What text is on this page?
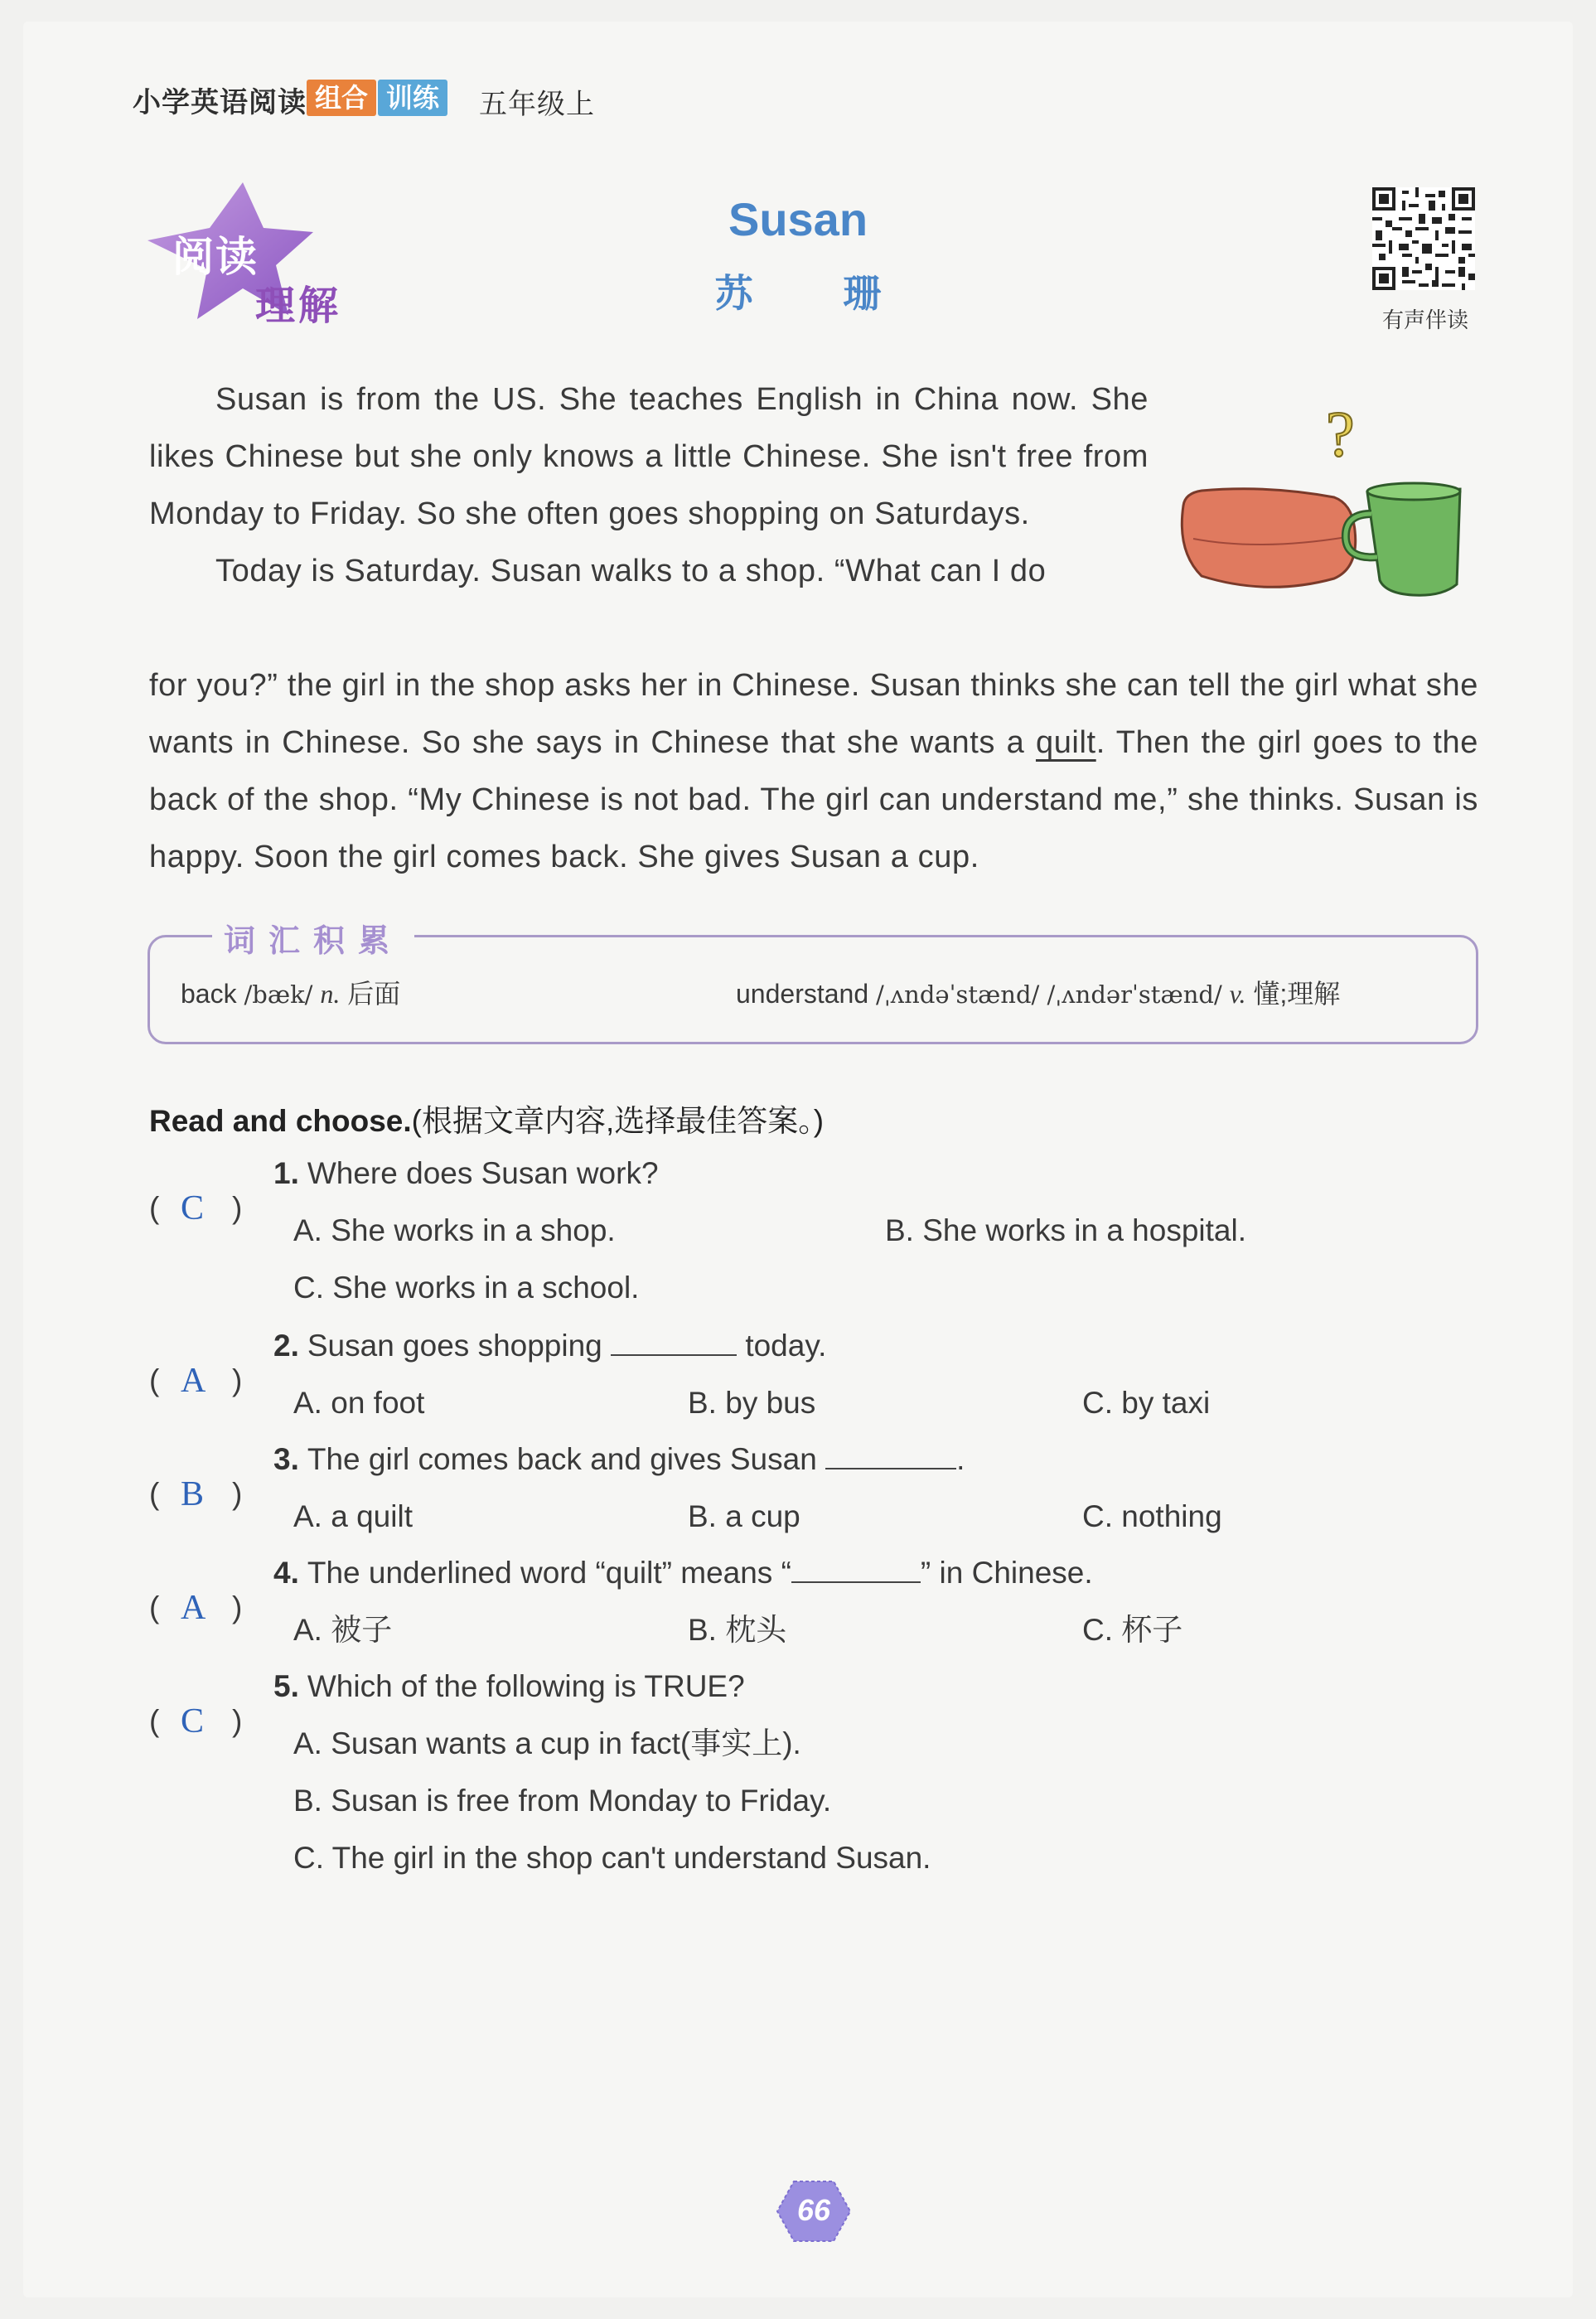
小学英语阅读 组合 训练 五年级上
阅读
理解
Susan
苏 珊
有声伴读

Susan is from the US. She teaches English in China now. She likes Chinese but she only knows a little Chinese. She isn't free from Monday to Friday. So she often goes shopping on Saturdays.

Today is Saturday. Susan walks to a shop. “What can I do

for you?” the girl in the shop asks her in Chinese. Susan thinks she can tell the girl what she wants in Chinese. So she says in Chinese that she wants a quilt. Then the girl goes to the back of the shop. “My Chinese is not bad. The girl can understand me,” she thinks. Susan is happy. Soon the girl comes back. She gives Susan a cup.

?
词汇积累
back /bæk/ n. 后面	understand /ˌʌndəˈstænd/ /ˌʌndərˈstænd/ v. 懂;理解
Read and choose.(根据文章内容,选择最佳答案。)
( C )
1. Where does Susan work?
A. She works in a shop.	B. She works in a hospital.
C. She works in a school.
( A )
2. Susan goes shopping	today.
A. on foot	B. by bus	C. by taxi
( B )
3. The girl comes back and gives Susan	.
A. a quilt	B. a cup	C. nothing
( A )
4. The underlined word “quilt” means “	” in Chinese.
A. 被子	B. 枕头	C. 杯子
( C )
5. Which of the following is TRUE?
A. Susan wants a cup in fact(事实上).
B. Susan is free from Monday to Friday.
C. The girl in the shop can't understand Susan.
66
